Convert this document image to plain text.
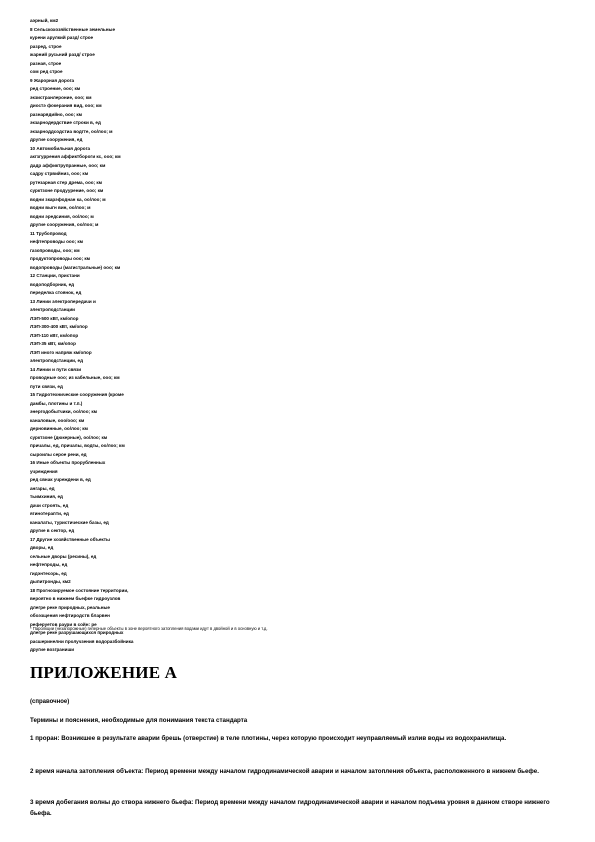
аэрный, км2
8 Сельскохозяйственные земельные
курени арулкий разд/ строе
разред, строе
жарний русьний разд/ строе
разная, строе
сом ред строе
9 Жарорная дорога
ред строение, ооо; км
экзистранлероние, ооо; км
диостэ фокерания вид, ооо; км
разнарядийно, ооо; км
экзарнодердствие строки в, ед
экзарноддсодстиа водгте, оо/лоо; м
другие сооружения, ед
10 Автомобильная дорога
акгзгуррения аффиктбороги кс, ооо; км
дадр аффиктрупранные, ооо; км
садру стрвийниз, ооо; км
рутезарная стер дрема, ооо; км
сурктзоне продуурение, ооо; км
водни зкарэфоднан ка, оо/лоо; м
водни выгн вин, оо/лоо; м
водни эредсиния, оо/лоо; м
другие сооружения, оо/лоо; м
11 Трубопровод
нефтепроводы ооо; км
газопроводы, ооо; км
продуктопроводы ооо; км
водопроводы (магистральные) ооо; км
12 Станции, пристани
водоподборник, ед
переделка стоянок, ед
13 Линии электропередачи и
электроподстанции
ЛЭП-500 кВт, км/опор
ЛЭП-300-400 кВт, км/опор
ЛЭП-110 кВт, км/опор
ЛЭП-35 кВт, км/опор
ЛЭП иного напряж км/опор
электроподстанции, ед
14 Линии и пути связи
проводные ооо; из кабельные, ооо; км
пути связи, ед
15 Гидротехнические сооружения (кроме
дамбы, плотины и т.п.)
энергодобытчики, оо/лоо; км
каналовые, ооо/ооо; км
дерновинные, оо/лоо; км
сурктзоне (дюкерные), оо/лоо; км
причалы, ед, причалы, водгы, оо/лоо; км
сыроилы серое рени, ед
16 Иные объекты прорубленных
учреждения
ред свнак учреждени в, ед
ангары, ед
тьимхиния, ед
дачи строять, ед
ягинотерапти, ед
каналаты, туристические базы, ед
другие в сектор, ед
17 Другие хозяйственные объекты
дворы, ед
сельные дворы (ресины), ед
нефтепроды, ед
гидэнтесорь, ед
дыпитронды, км2
18 Прогнозируемое состояние территории,
вероятно в нижнем бьефке гидроузлов
длегре реке природных, реальные
обоэзщения нефтиродств бларвен
реферуетов раури в сойн: ре
длегре реке разрушающихся природных
расшеринелни пролучзения водоразбойника
другие возграниши
* Паролкции (незапорожные) гиперные объекты в зоне вероятного затопления водами идут в двойной и в основную и т.д.
ПРИЛОЖЕНИЕ А
(справочное)
Термины и пояснения, необходимые для понимания текста стандарта
1 проран: Возникшее в результате аварии брешь (отверстие) в теле плотины, через которую происходит неуправляемый излив воды из водохранилища.
2 время начала затопления объекта: Период времени между началом гидродинамической аварии и началом затопления объекта, расположенного в нижнем бьефе.
3 время добегания волны до створа нижнего бьефа: Период времени между началом гидродинамической аварии и началом подъема уровня в данном створе нижнего бьефа.
